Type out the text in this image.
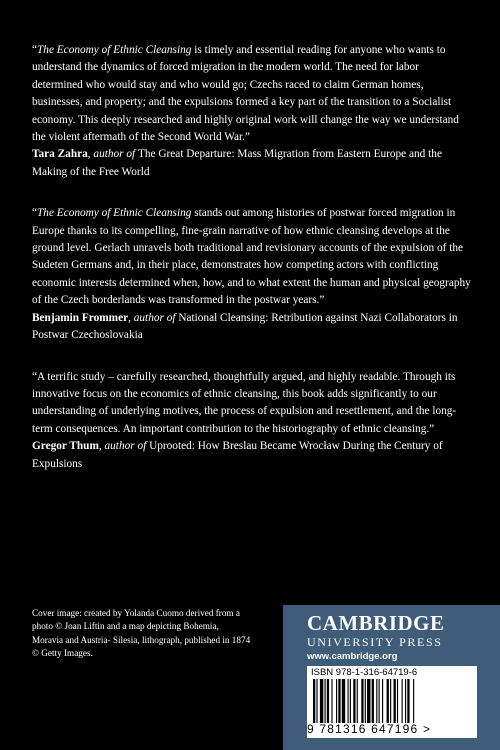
“The Economy of Ethnic Cleansing is timely and essential reading for anyone who wants to understand the dynamics of forced migration in the modern world. The need for labor determined who would stay and who would go; Czechs raced to claim German homes, businesses, and property; and the expulsions formed a key part of the transition to a Socialist economy. This deeply researched and highly original work will change the way we understand the violent aftermath of the Second World War.”

Tara Zahra, author of The Great Departure: Mass Migration from Eastern Europe and the Making of the Free World

“The Economy of Ethnic Cleansing stands out among histories of postwar forced migration in Europe thanks to its compelling, fine-grain narrative of how ethnic cleansing develops at the ground level. Gerlach unravels both traditional and revisionary accounts of the expulsion of the Sudeten Germans and, in their place, demonstrates how competing actors with conflicting economic interests determined when, how, and to what extent the human and physical geography of the Czech borderlands was transformed in the postwar years.”

Benjamin Frommer, author of National Cleansing: Retribution against Nazi Collaborators in Postwar Czechoslovakia

“A terrific study – carefully researched, thoughtfully argued, and highly readable. Through its innovative focus on the economics of ethnic cleansing, this book adds significantly to our understanding of underlying motives, the process of expulsion and resettlement, and the long-term consequences. An important contribution to the historiography of ethnic cleansing.”

Gregor Thum, author of Uprooted: How Breslau Became Wrocław During the Century of Expulsions

Cover image: created by Yolanda Cuomo derived from a photo © Joan Liftin and a map depicting Bohemia, Moravia and Austria- Silesia, lithograph, published in 1874 © Getty Images.
CAMBRIDGE
UNIVERSITY PRESS
www.cambridge.org
ISBN 978-1-316-64719-6
9 781316 647196 >
